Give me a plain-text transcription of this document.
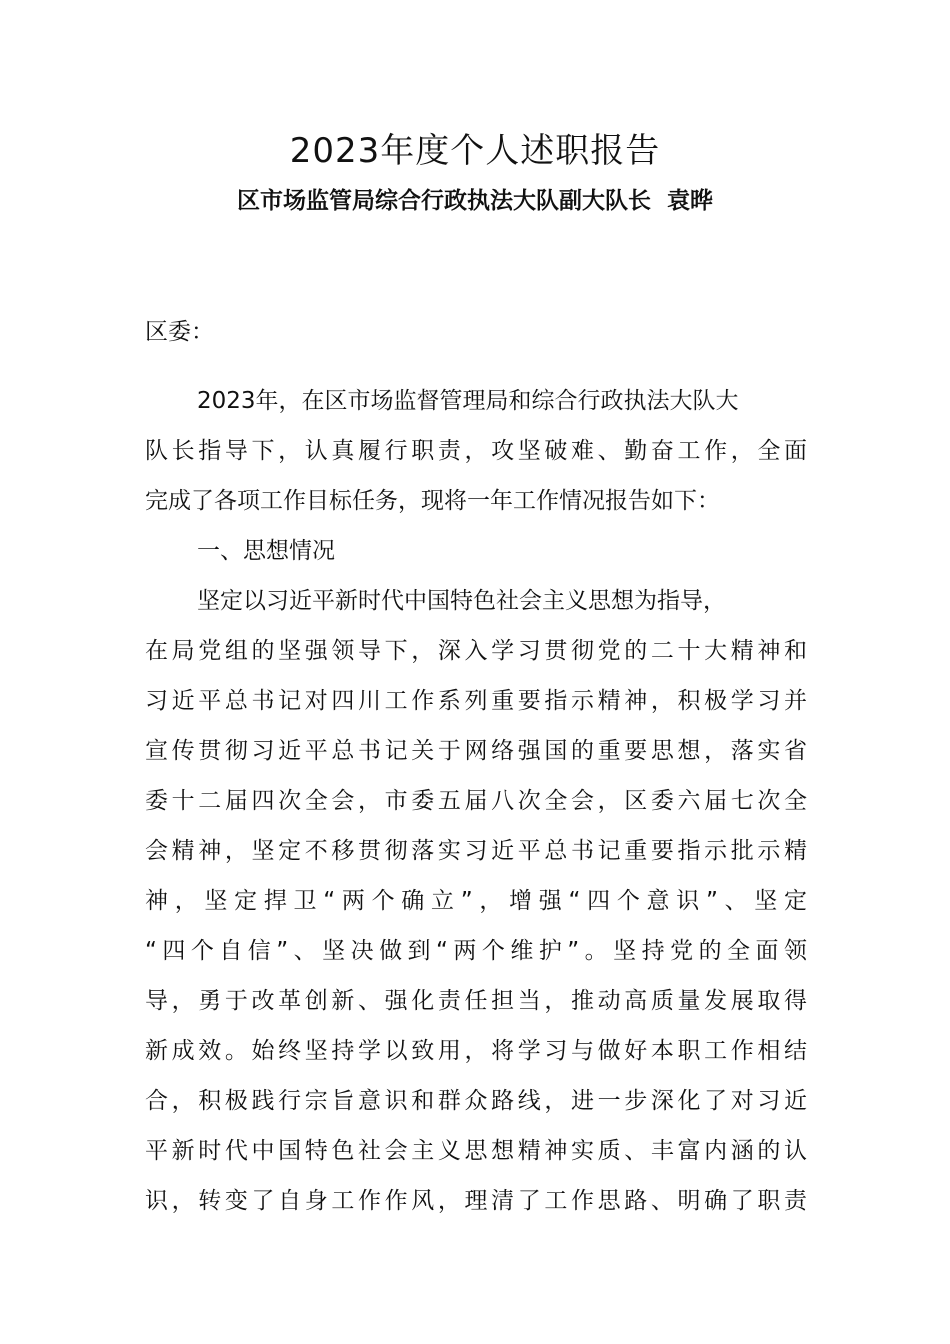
2023年度个人述职报告
区市场监管局综合行政执法大队副大队长  袁晔
区委：
2023年，在区市场监督管理局和综合行政执法大队大
队长指导下，认真履行职责，攻坚破难、勤奋工作，全面
完成了各项工作目标任务，现将一年工作情况报告如下：
一、思想情况
坚定以习近平新时代中国特色社会主义思想为指导，
在局党组的坚强领导下，深入学习贯彻党的二十大精神和
习近平总书记对四川工作系列重要指示精神，积极学习并
宣传贯彻习近平总书记关于网络强国的重要思想，落实省
委十二届四次全会，市委五届八次全会，区委六届七次全
会精神，坚定不移贯彻落实习近平总书记重要指示批示精
神，坚定捍卫“两个确立”，增强“四个意识”、坚定
“四个自信”、坚决做到“两个维护”。坚持党的全面领
导，勇于改革创新、强化责任担当，推动高质量发展取得
新成效。始终坚持学以致用，将学习与做好本职工作相结
合，积极践行宗旨意识和群众路线，进一步深化了对习近
平新时代中国特色社会主义思想精神实质、丰富内涵的认
识，转变了自身工作作风，理清了工作思路、明确了职责
